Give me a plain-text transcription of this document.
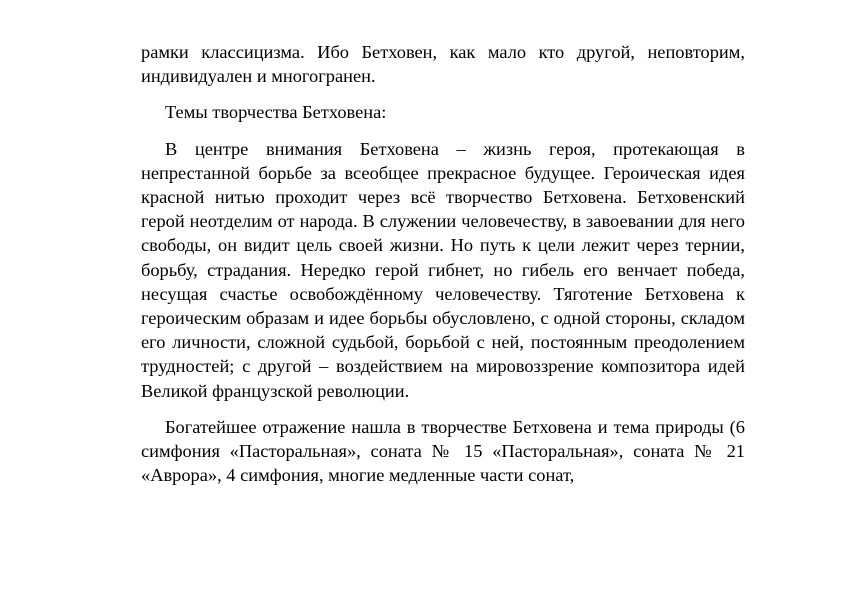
рамки классицизма. Ибо Бетховен, как мало кто другой, неповторим, индивидуален и многогранен.

Темы творчества Бетховена:

В центре внимания Бетховена – жизнь героя, протекающая в непрестанной борьбе за всеобщее прекрасное будущее. Героическая идея красной нитью проходит через всё творчество Бетховена. Бетховенский герой неотделим от народа. В служении человечеству, в завоевании для него свободы, он видит цель своей жизни. Но путь к цели лежит через тернии, борьбу, страдания. Нередко герой гибнет, но гибель его венчает победа, несущая счастье освобождённому человечеству. Тяготение Бетховена к героическим образам и идее борьбы обусловлено, с одной стороны, складом его личности, сложной судьбой, борьбой с ней, постоянным преодолением трудностей; с другой – воздействием на мировоззрение композитора идей Великой французской революции.

Богатейшее отражение нашла в творчестве Бетховена и тема природы (6 симфония «Пасторальная», соната № 15 «Пасторальная», соната № 21 «Аврора», 4 симфония, многие медленные части сонат,
